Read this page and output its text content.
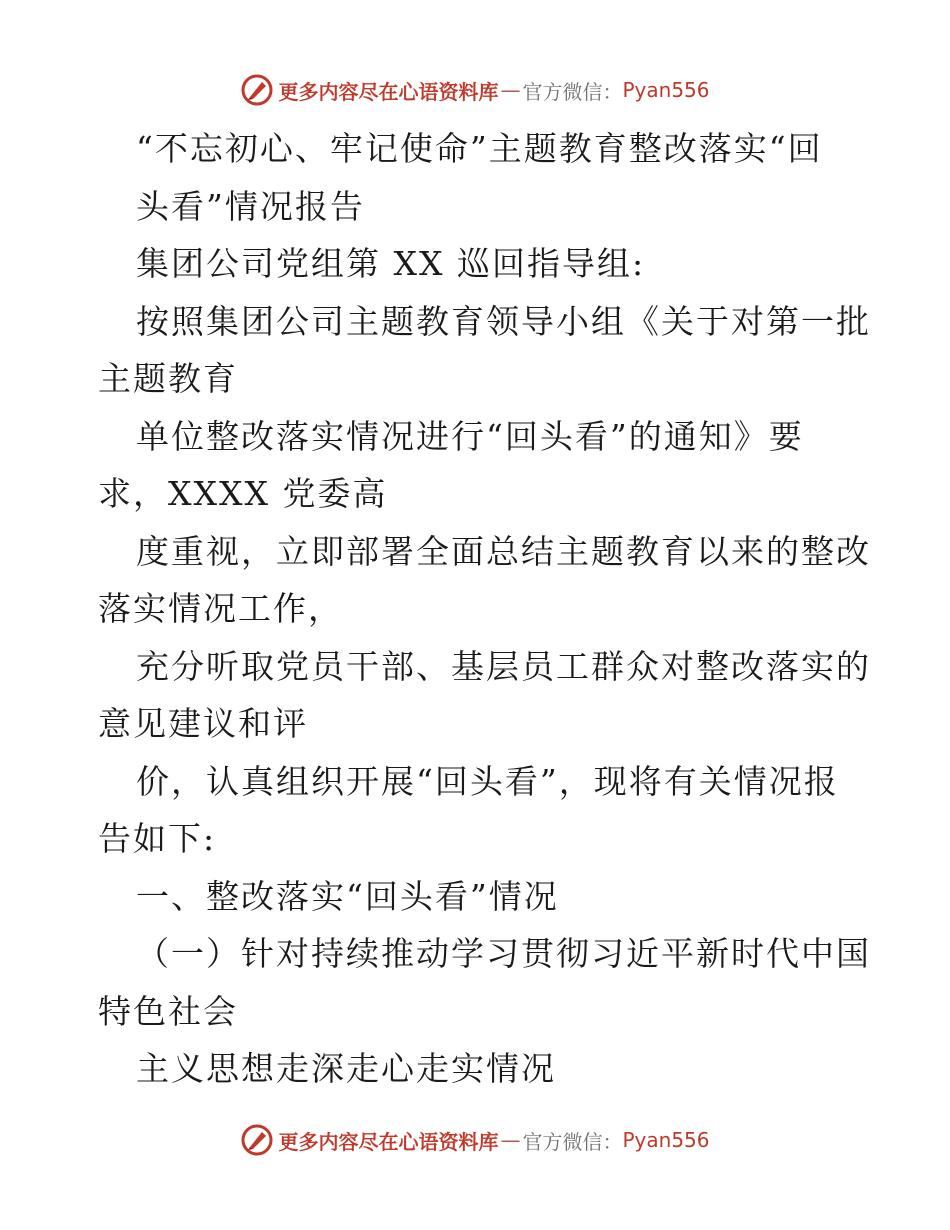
更多内容尽在心语资料库 — 官方微信： Pyan556
“不忘初心、牢记使命”主题教育整改落实“回
头看”情况报告
集团公司党组第 XX 巡回指导组:
按照集团公司主题教育领导小组《关于对第一批
主题教育
单位整改落实情况进行“回头看”的通知》要
求，XXXX 党委高
度重视，立即部署全面总结主题教育以来的整改
落实情况工作，
充分听取党员干部、基层员工群众对整改落实的
意见建议和评
价，认真组织开展“回头看”，现将有关情况报
告如下:
一、整改落实“回头看”情况
（一）针对持续推动学习贯彻习近平新时代中国
特色社会
主义思想走深走心走实情况
更多内容尽在心语资料库 — 官方微信： Pyan556
